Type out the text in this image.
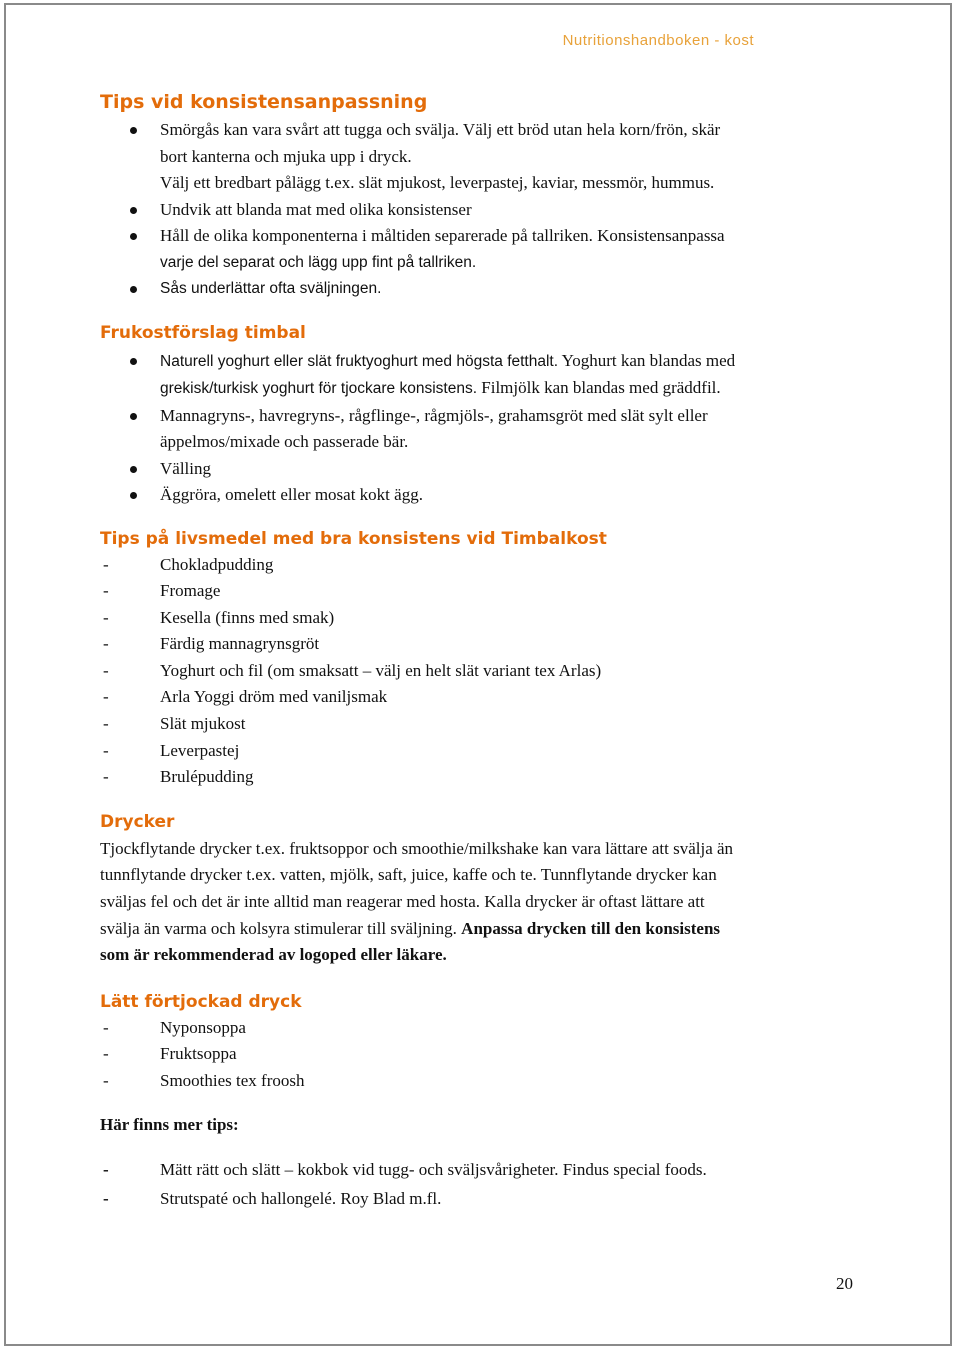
Nutritionshandboken - kost
Tips vid konsistensanpassning
Smörgås kan vara svårt att tugga och svälja. Välj ett bröd utan hela korn/frön, skär
bort kanterna och mjuka upp i dryck.
Välj ett bredbart pålägg t.ex. slät mjukost, leverpastej, kaviar, messmör, hummus.
Undvik att blanda mat med olika konsistenser
Håll de olika komponenterna i måltiden separerade på tallriken. Konsistensanpassa
varje del separat och lägg upp fint på tallriken.
Sås underlättar ofta sväljningen.
Frukostförslag timbal
Naturell yoghurt eller slät fruktyoghurt med högsta fetthalt. Yoghurt kan blandas med
grekisk/turkisk yoghurt för tjockare konsistens. Filmjölk kan blandas med gräddfil.
Mannagryns-, havregryns-, rågflinge-, rågmjöls-, grahamsgröt med slät sylt eller
äppelmos/mixade och passerade bär.
Välling
Äggröra, omelett eller mosat kokt ägg.
Tips på livsmedel med bra konsistens vid Timbalkost
-	Chokladpudding
-	Fromage
-	Kesella (finns med smak)
-	Färdig mannagrynsgröt
-	Yoghurt och fil (om smaksatt – välj en helt slät variant tex Arlas)
-	Arla Yoggi dröm med vaniljsmak
-	Slät mjukost
-	Leverpastej
-	Brulépudding
Drycker

Tjockflytande drycker t.ex. fruktsoppor och smoothie/milkshake kan vara lättare att svälja än

tunnflytande drycker t.ex. vatten, mjölk, saft, juice, kaffe och te. Tunnflytande drycker kan

sväljas fel och det är inte alltid man reagerar med hosta. Kalla drycker är oftast lättare att

svälja än varma och kolsyra stimulerar till sväljning. Anpassa drycken till den konsistens

som är rekommenderad av logoped eller läkare.

Lätt förtjockad dryck
-	Nyponsoppa
-	Fruktsoppa
-	Smoothies tex froosh

Här finns mer tips:

-	Mätt rätt och slätt – kokbok vid tugg- och sväljsvårigheter. Findus special foods.
-	Strutspaté och hallongelé. Roy Blad m.fl.
20
